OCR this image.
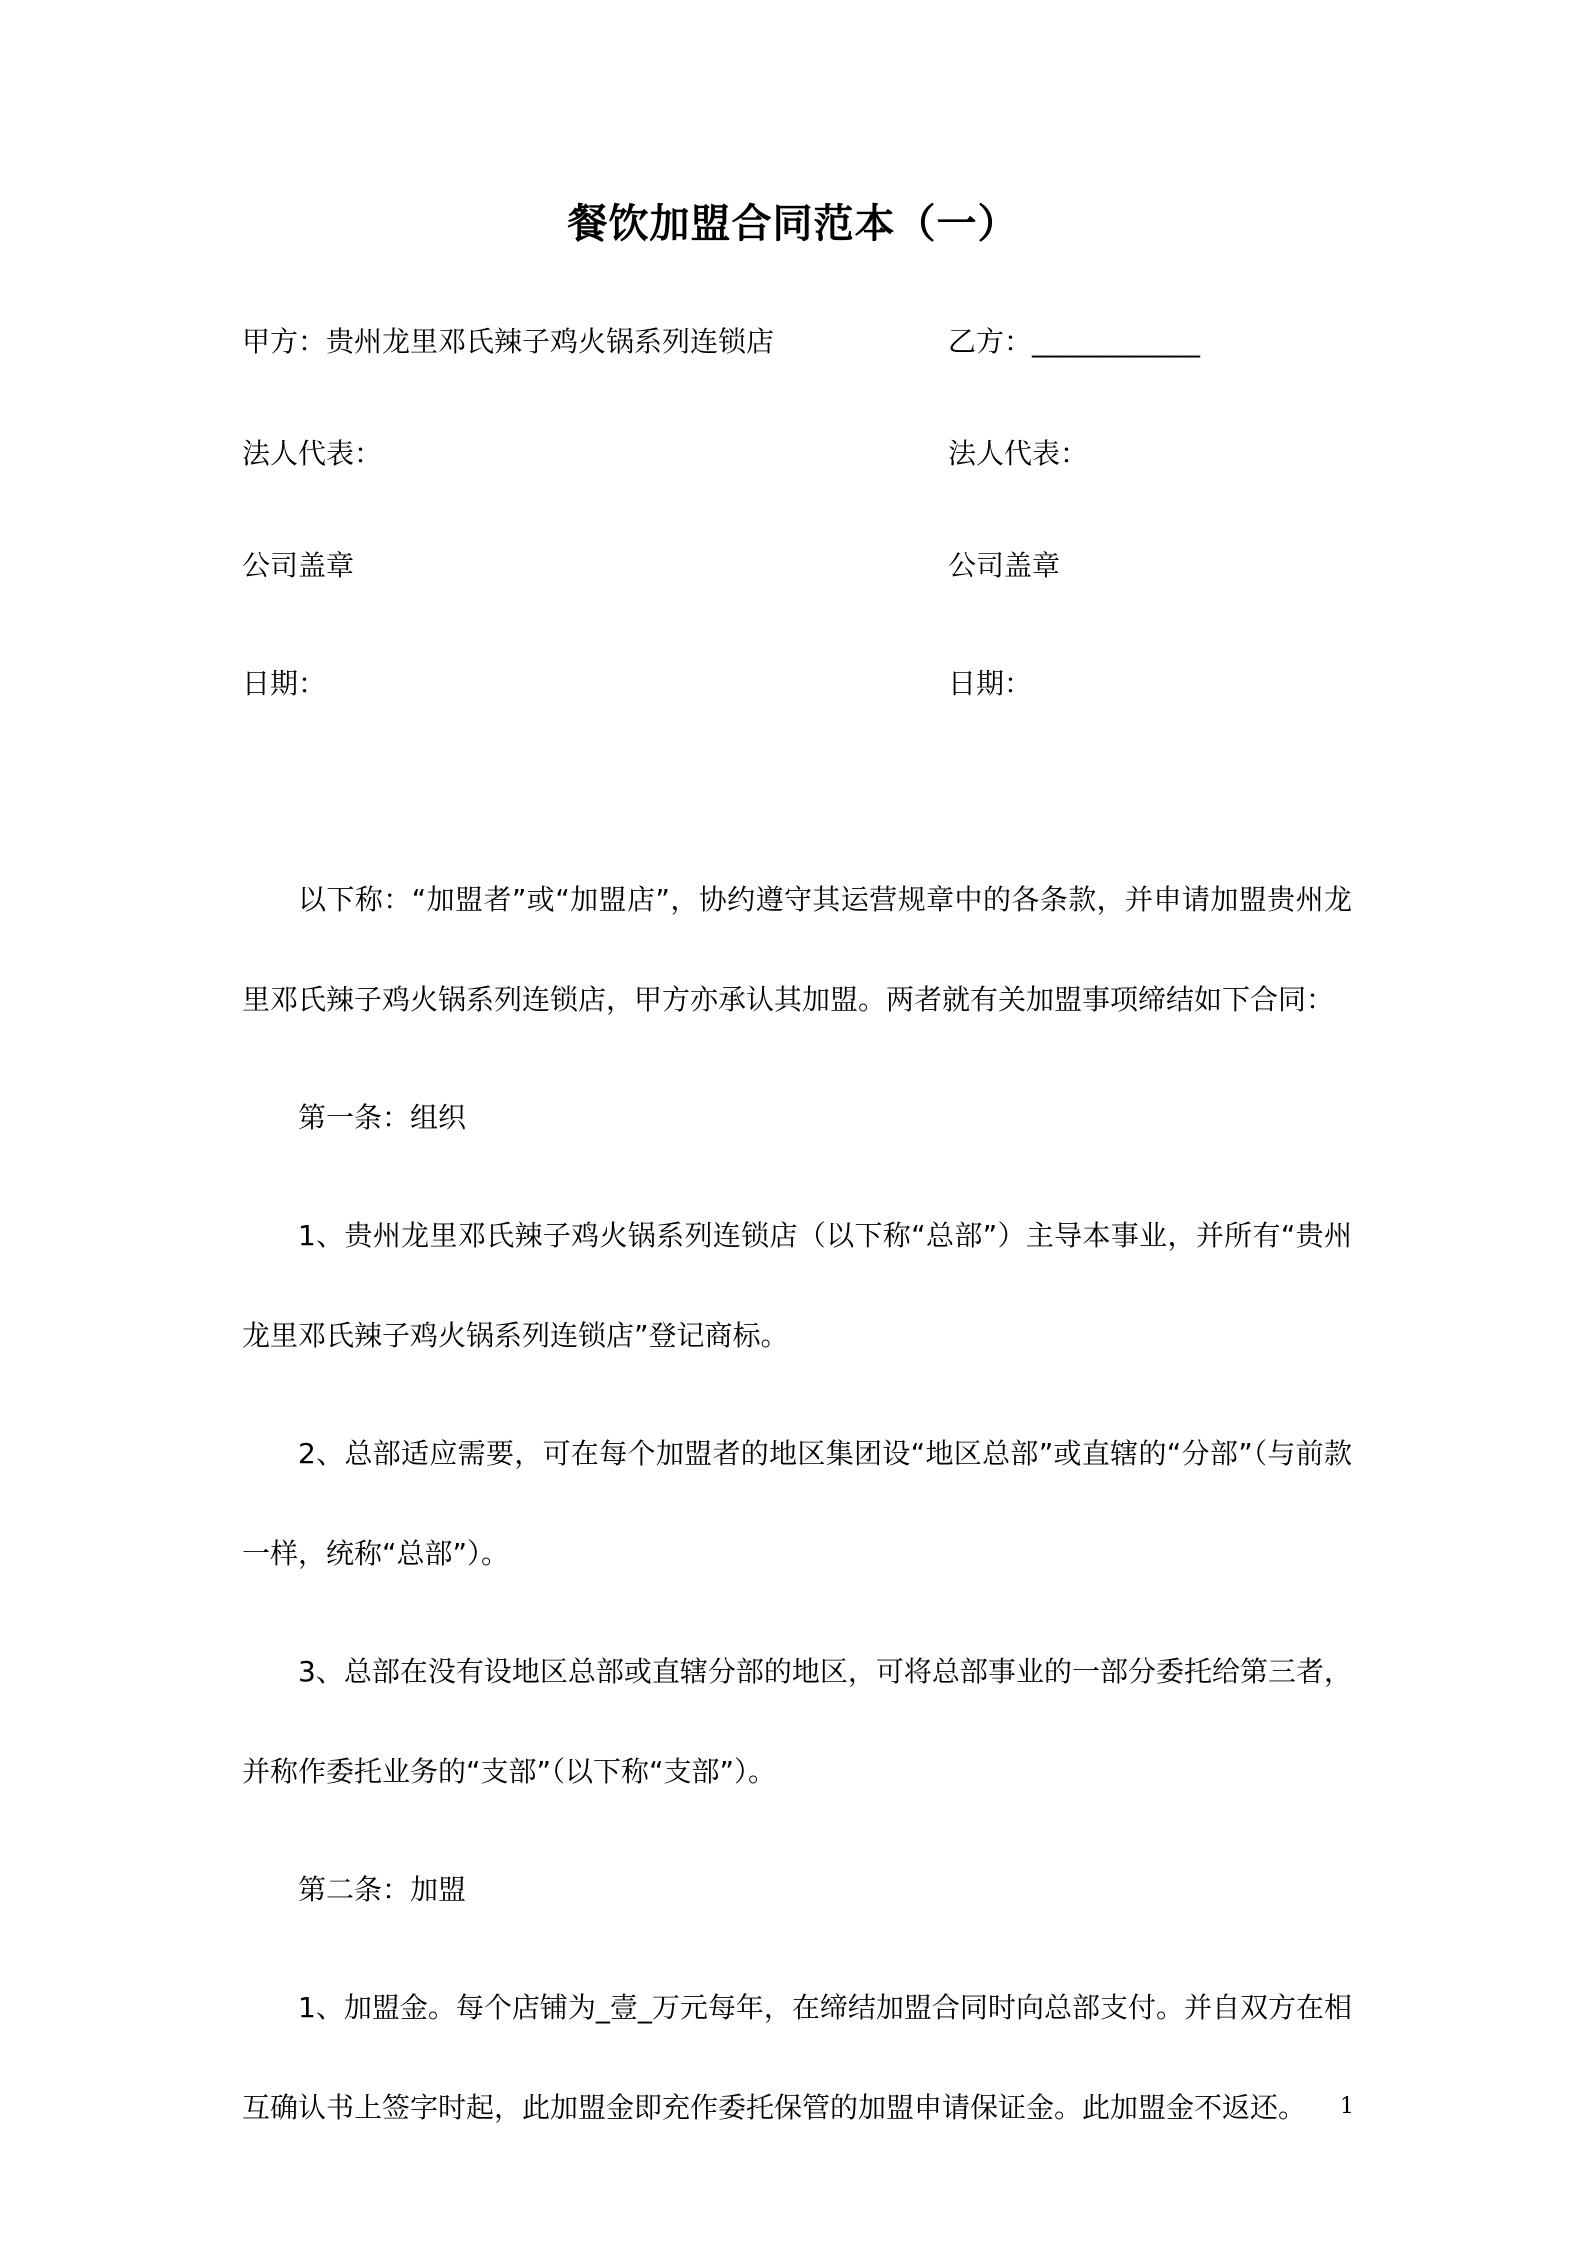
餐饮加盟合同范本（一）
甲方：贵州龙里邓氏辣子鸡火锅系列连锁店
法人代表：
公司盖章
日期：
乙方：____________
法人代表：
公司盖章
日期：

以下称：“加盟者”或“加盟店”，协约遵守其运营规章中的各条款，并申请加盟贵州龙里邓氏辣子鸡火锅系列连锁店，甲方亦承认其加盟。两者就有关加盟事项缔结如下合同：

第一条：组织

1、贵州龙里邓氏辣子鸡火锅系列连锁店（以下称“总部”）主导本事业，并所有“贵州龙里邓氏辣子鸡火锅系列连锁店”登记商标。

2、总部适应需要，可在每个加盟者的地区集团设“地区总部”或直辖的“分部”（与前款一样，统称“总部”）。

3、总部在没有设地区总部或直辖分部的地区，可将总部事业的一部分委托给第三者，并称作委托业务的“支部”（以下称“支部”）。

第二条：加盟

1、加盟金。每个店铺为_壹_万元每年，在缔结加盟合同时向总部支付。并自双方在相互确认书上签字时起，此加盟金即充作委托保管的加盟申请保证金。此加盟金不返还。	1
